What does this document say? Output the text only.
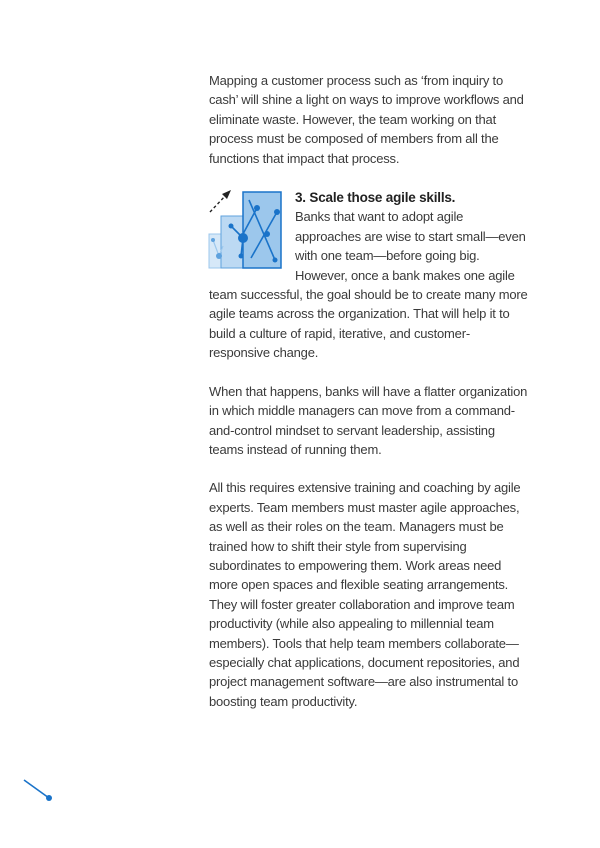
Mapping a customer process such as ‘from inquiry to cash’ will shine a light on ways to improve workflows and eliminate waste. However, the team working on that process must be composed of members from all the functions that impact that process.

3. Scale those agile skills.

Banks that want to adopt agile approaches are wise to start small—even with one team—before going big. However, once a bank makes one agile team successful, the goal should be to create many more agile teams across the organization. That will help it to build a culture of rapid, iterative, and customer-responsive change.

When that happens, banks will have a flatter organization in which middle managers can move from a command-and-control mindset to servant leadership, assisting teams instead of running them.

All this requires extensive training and coaching by agile experts. Team members must master agile approaches, as well as their roles on the team. Managers must be trained how to shift their style from supervising subordinates to empowering them. Work areas need more open spaces and flexible seating arrangements. They will foster greater collaboration and improve team productivity (while also appealing to millennial team members). Tools that help team members collaborate—especially chat applications, document repositories, and project management software—are also instrumental to boosting team productivity.
